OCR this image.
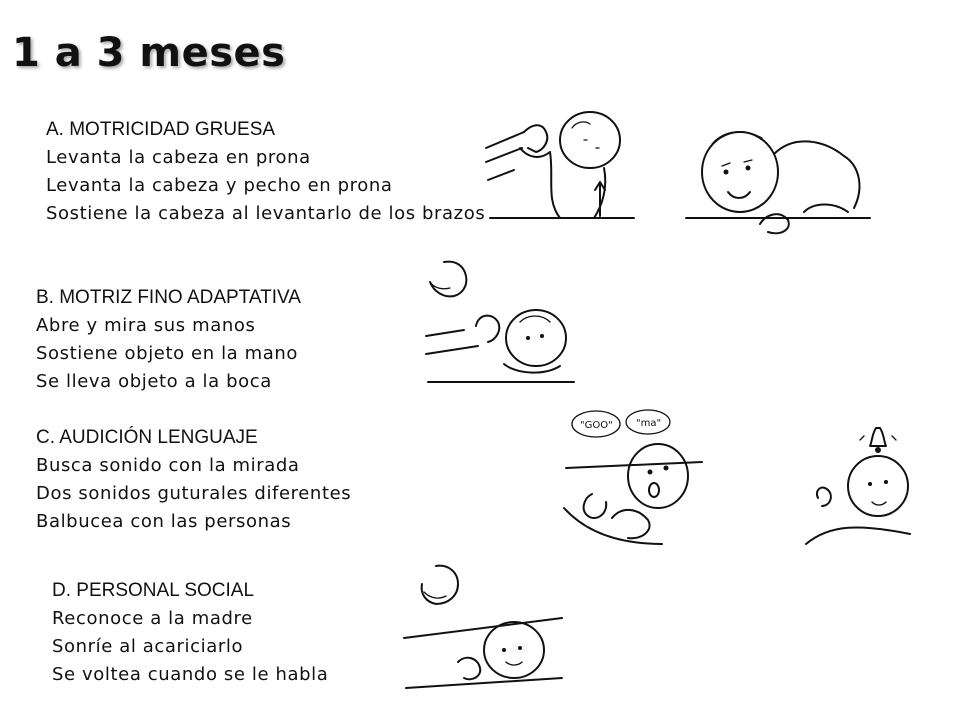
1 a 3 meses
"GOO" "ma"
A. MOTRICIDAD GRUESA
Levanta la cabeza en prona
Levanta la cabeza y pecho en prona
Sostiene la cabeza al levantarlo de los brazos
B. MOTRIZ FINO ADAPTATIVA
Abre y mira sus manos
Sostiene objeto en la mano
Se lleva objeto a la boca
C. AUDICIÓN LENGUAJE
Busca sonido con la mirada
Dos sonidos guturales diferentes
Balbucea con las personas
D. PERSONAL SOCIAL
Reconoce a la madre
Sonríe al acariciarlo
Se voltea cuando se le habla
